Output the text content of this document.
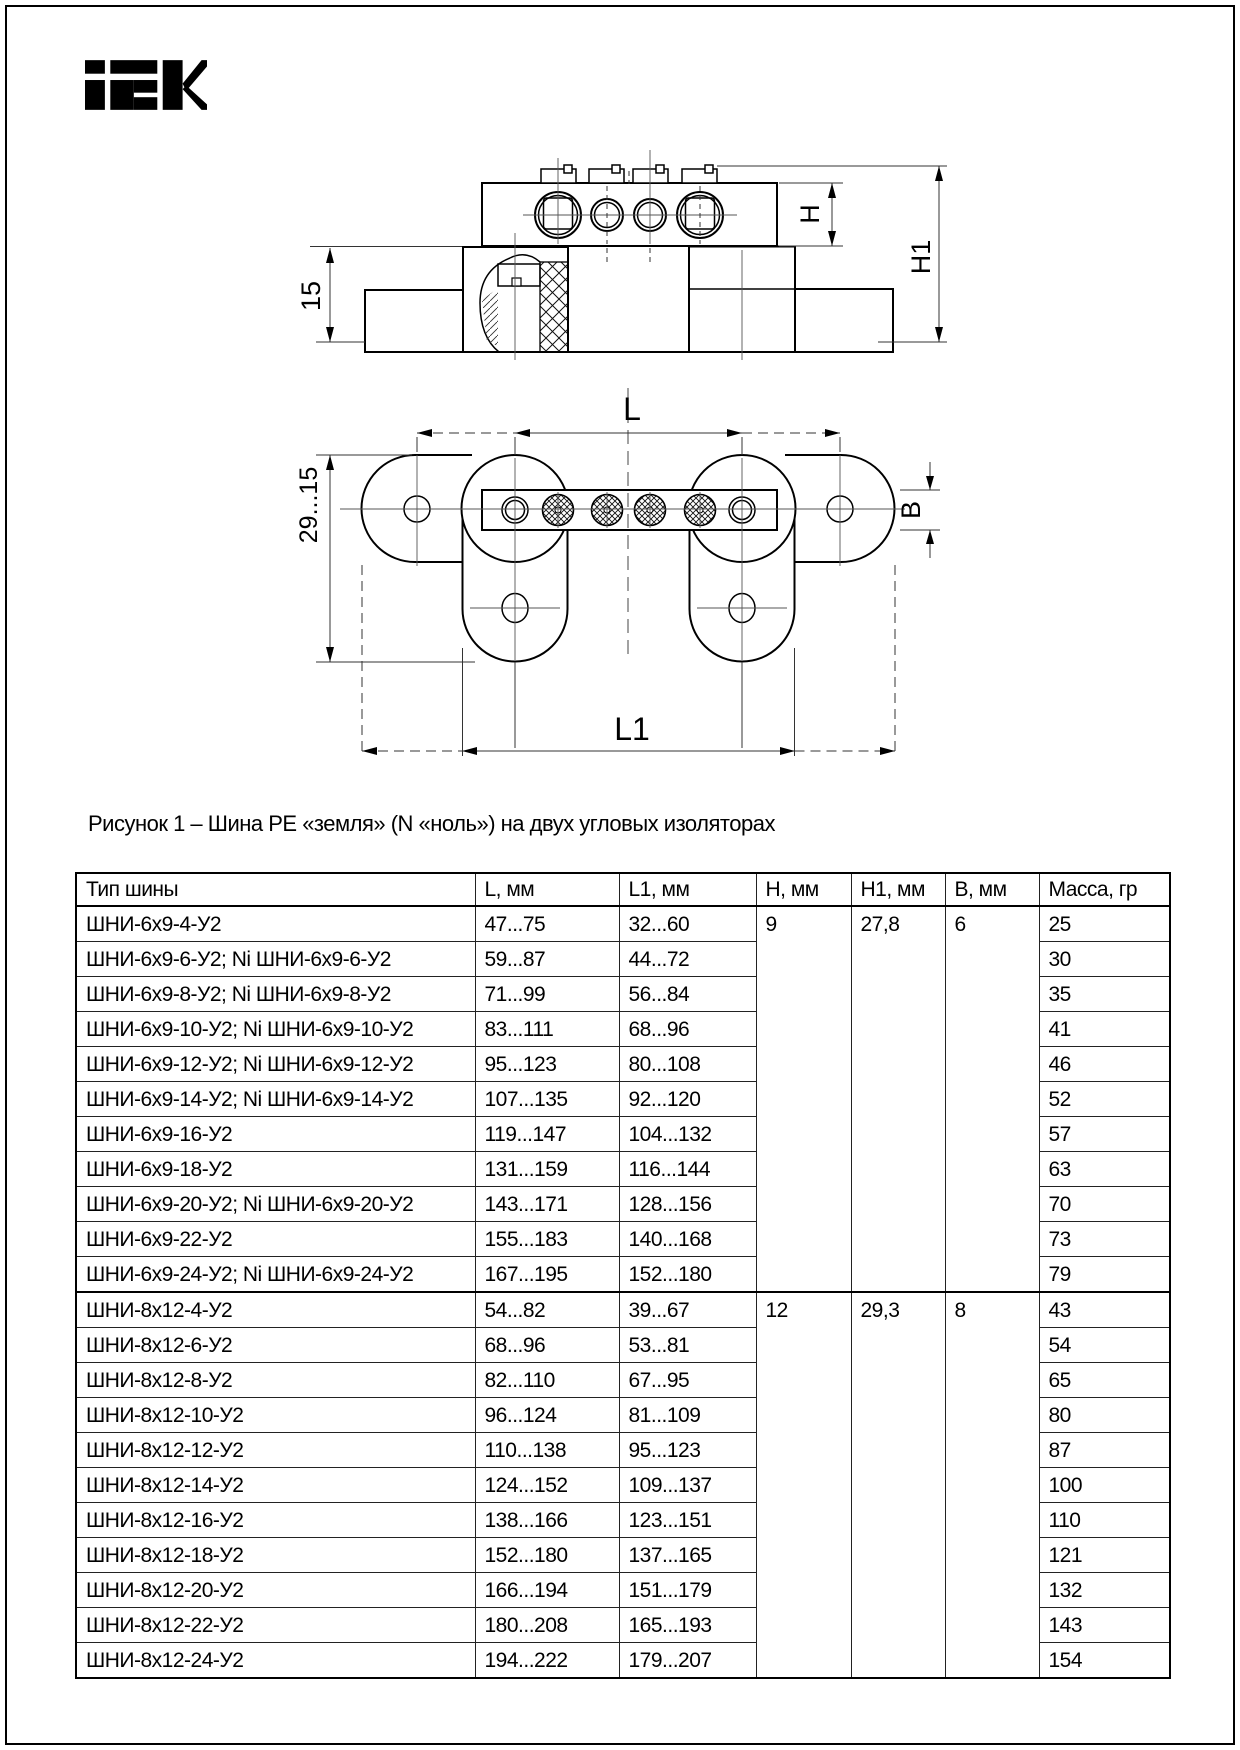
15
H
H1
L
29...15	B
L1
Рисунок 1 – Шина PE «земля» (N «ноль») на двух угловых изоляторах
Тип шины	L, мм	L1, мм	H, мм	H1, мм	B, мм	Масса, гр
ШНИ-6х9-4-У2	47...75	32...60	9	27,8	6	25
ШНИ-6х9-6-У2; Ni ШНИ-6х9-6-У2	59...87	44...72				30
ШНИ-6х9-8-У2; Ni ШНИ-6х9-8-У2	71...99	56...84				35
ШНИ-6х9-10-У2; Ni ШНИ-6х9-10-У2	83...111	68...96				41
ШНИ-6х9-12-У2; Ni ШНИ-6х9-12-У2	95...123	80...108				46
ШНИ-6х9-14-У2; Ni ШНИ-6х9-14-У2	107...135	92...120				52
ШНИ-6х9-16-У2	119...147	104...132				57
ШНИ-6х9-18-У2	131...159	116...144				63
ШНИ-6х9-20-У2; Ni ШНИ-6х9-20-У2	143...171	128...156				70
ШНИ-6х9-22-У2	155...183	140...168				73
ШНИ-6х9-24-У2; Ni ШНИ-6х9-24-У2	167...195	152...180				79
ШНИ-8х12-4-У2	54...82	39...67	12	29,3	8	43
ШНИ-8х12-6-У2	68...96	53...81				54
ШНИ-8х12-8-У2	82...110	67...95				65
ШНИ-8х12-10-У2	96...124	81...109				80
ШНИ-8х12-12-У2	110...138	95...123				87
ШНИ-8х12-14-У2	124...152	109...137				100
ШНИ-8х12-16-У2	138...166	123...151				110
ШНИ-8х12-18-У2	152...180	137...165				121
ШНИ-8х12-20-У2	166...194	151...179				132
ШНИ-8х12-22-У2	180...208	165...193				143
ШНИ-8х12-24-У2	194...222	179...207				154
